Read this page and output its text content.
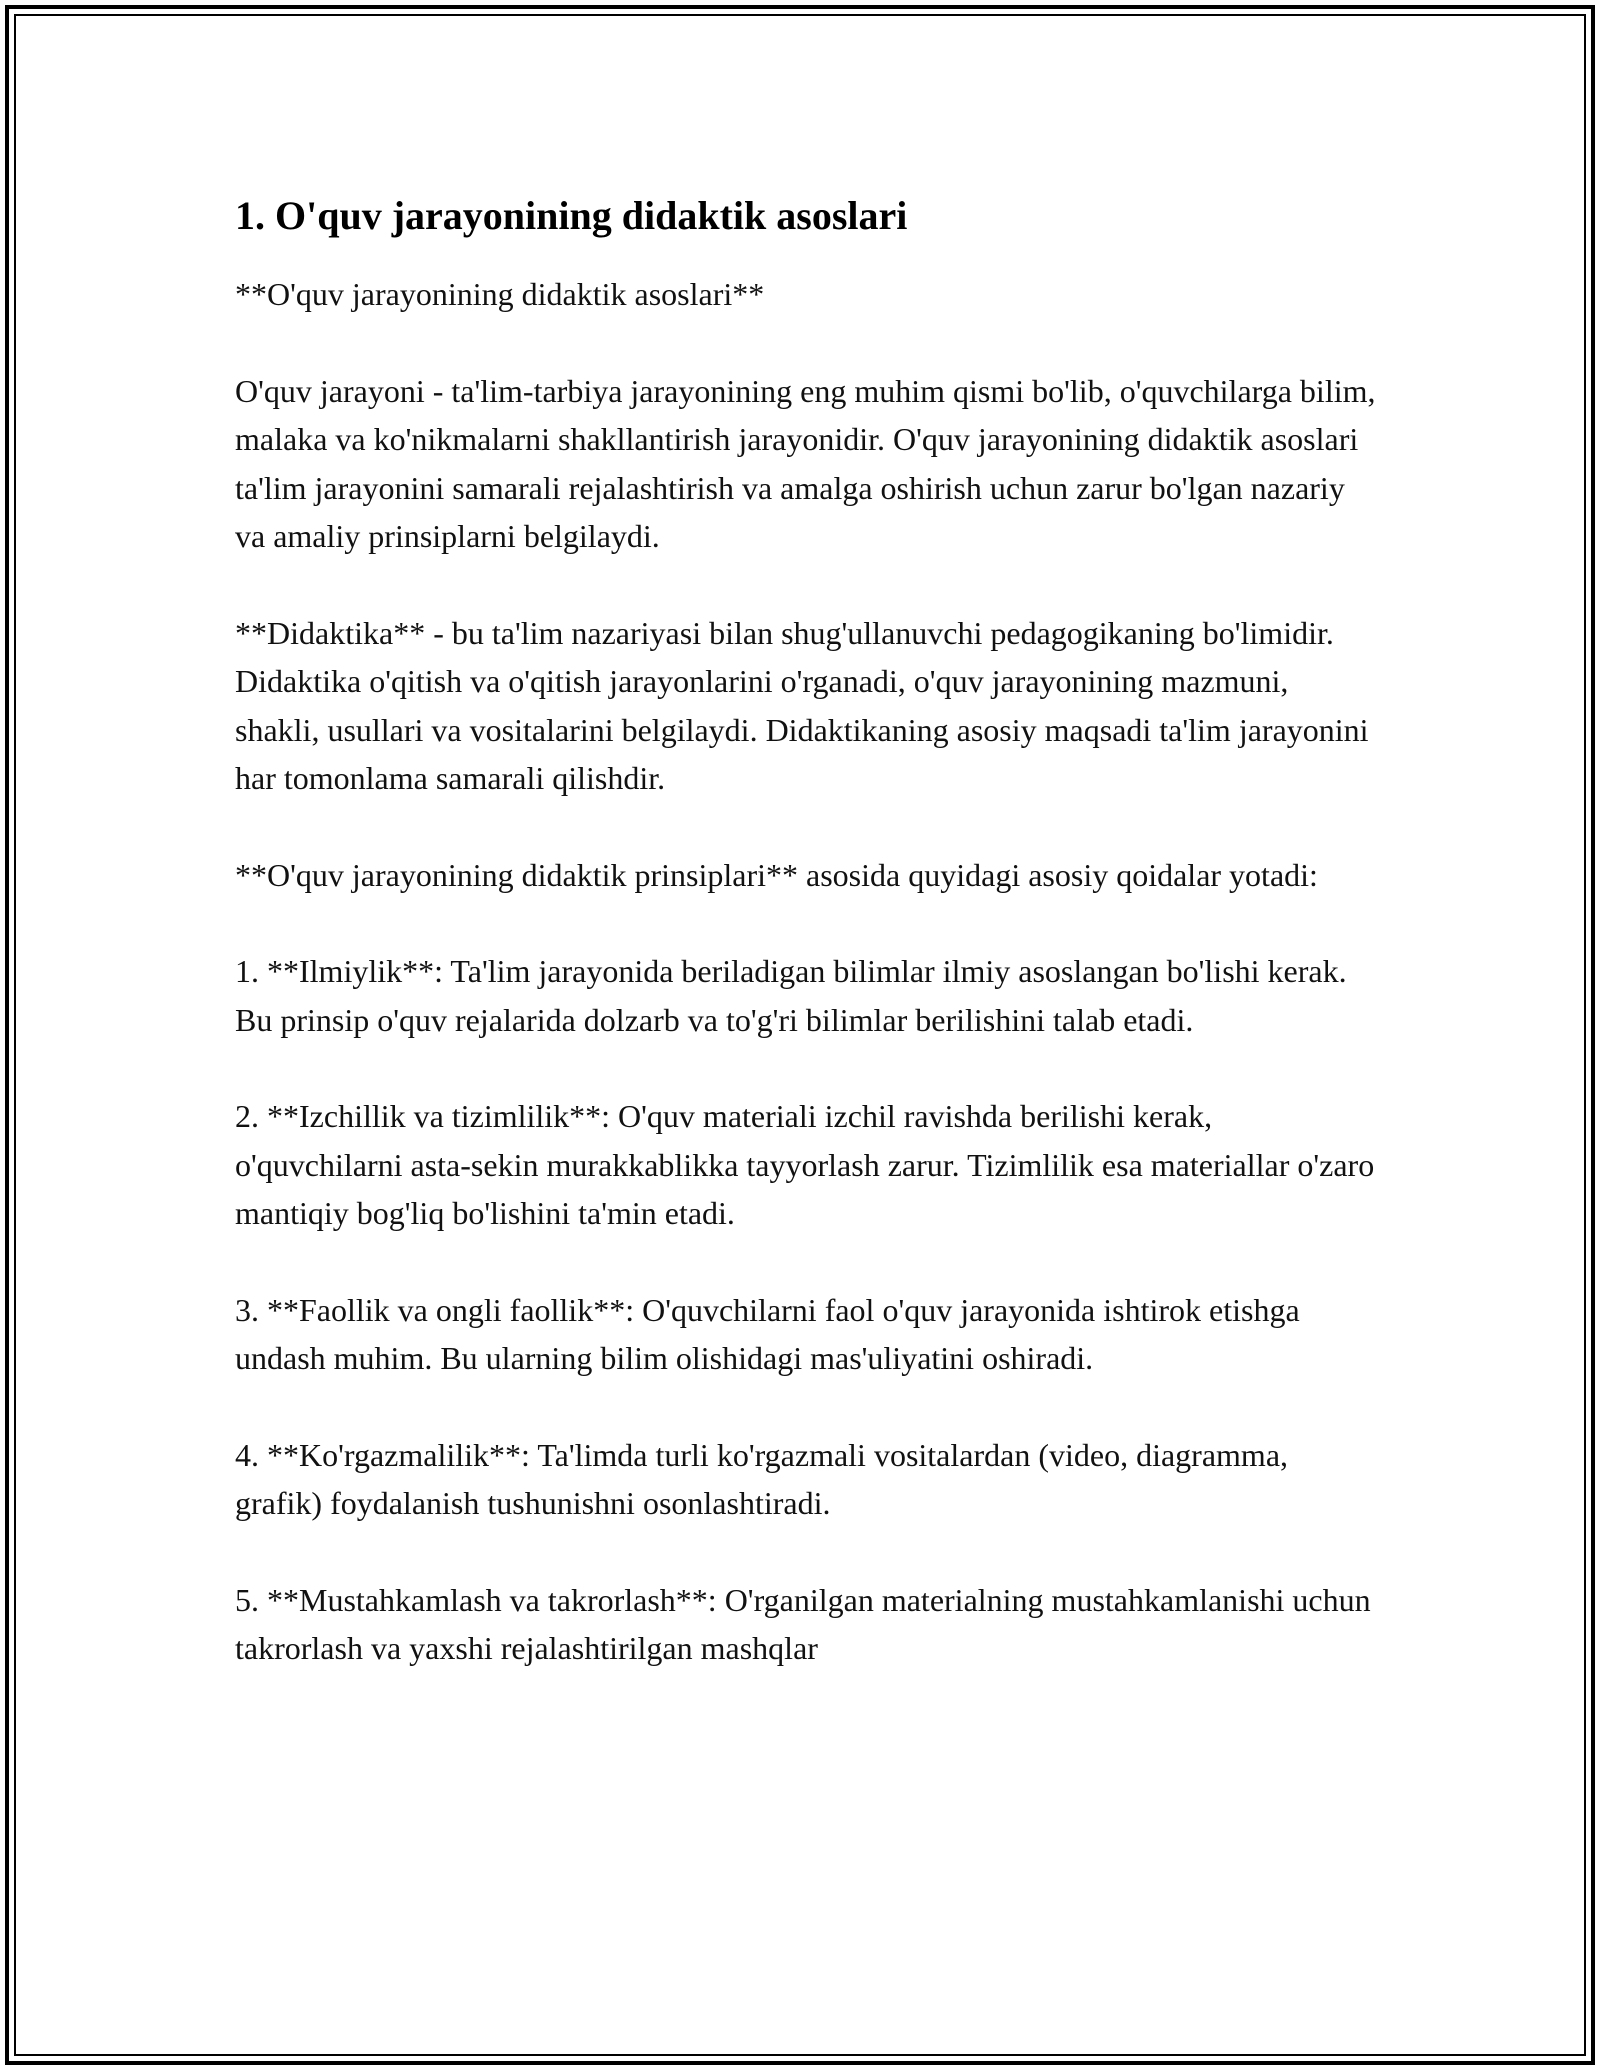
1. O'quv jarayonining didaktik asoslari

**O'quv jarayonining didaktik asoslari**

O'quv jarayoni - ta'lim-tarbiya jarayonining eng muhim qismi bo'lib, o'quvchilarga bilim, malaka va ko'nikmalarni shakllantirish jarayonidir. O'quv jarayonining didaktik asoslari ta'lim jarayonini samarali rejalashtirish va amalga oshirish uchun zarur bo'lgan nazariy va amaliy prinsiplarni belgilaydi.

**Didaktika** - bu ta'lim nazariyasi bilan shug'ullanuvchi pedagogikaning bo'limidir. Didaktika o'qitish va o'qitish jarayonlarini o'rganadi, o'quv jarayonining mazmuni, shakli, usullari va vositalarini belgilaydi. Didaktikaning asosiy maqsadi ta'lim jarayonini har tomonlama samarali qilishdir.

**O'quv jarayonining didaktik prinsiplari** asosida quyidagi asosiy qoidalar yotadi:

1. **Ilmiylik**: Ta'lim jarayonida beriladigan bilimlar ilmiy asoslangan bo'lishi kerak. Bu prinsip o'quv rejalarida dolzarb va to'g'ri bilimlar berilishini talab etadi.

2. **Izchillik va tizimlilik**: O'quv materiali izchil ravishda berilishi kerak, o'quvchilarni asta-sekin murakkablikka tayyorlash zarur. Tizimlilik esa materiallar o'zaro mantiqiy bog'liq bo'lishini ta'min etadi.

3. **Faollik va ongli faollik**: O'quvchilarni faol o'quv jarayonida ishtirok etishga undash muhim. Bu ularning bilim olishidagi mas'uliyatini oshiradi.

4. **Ko'rgazmalilik**: Ta'limda turli ko'rgazmali vositalardan (video, diagramma, grafik) foydalanish tushunishni osonlashtiradi.

5. **Mustahkamlash va takrorlash**: O'rganilgan materialning mustahkamlanishi uchun takrorlash va yaxshi rejalashtirilgan mashqlar
